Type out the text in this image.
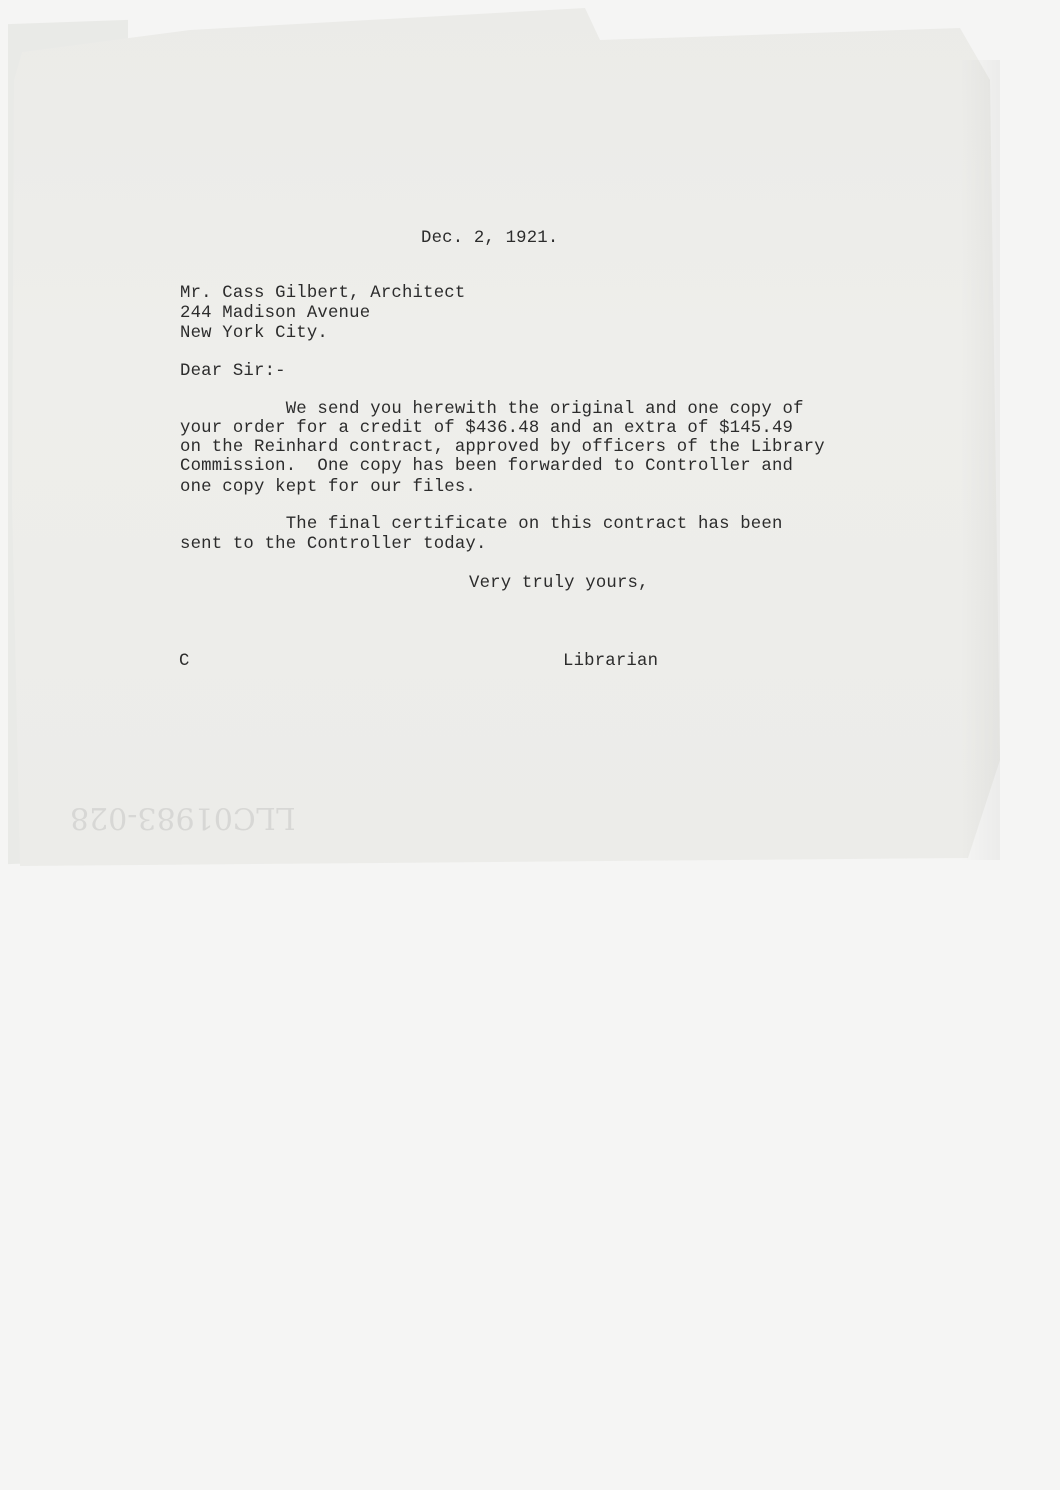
Dec. 2, 1921.
Mr. Cass Gilbert, Architect
244 Madison Avenue
New York City.
Dear Sir:-
We send you herewith the original and one copy of
your order for a credit of $436.48 and an extra of $145.49
on the Reinhard contract, approved by officers of the Library
Commission.  One copy has been forwarded to Controller and
one copy kept for our files.
The final certificate on this contract has been
sent to the Controller today.
Very truly yours,
C	Librarian
LLC01983-028
